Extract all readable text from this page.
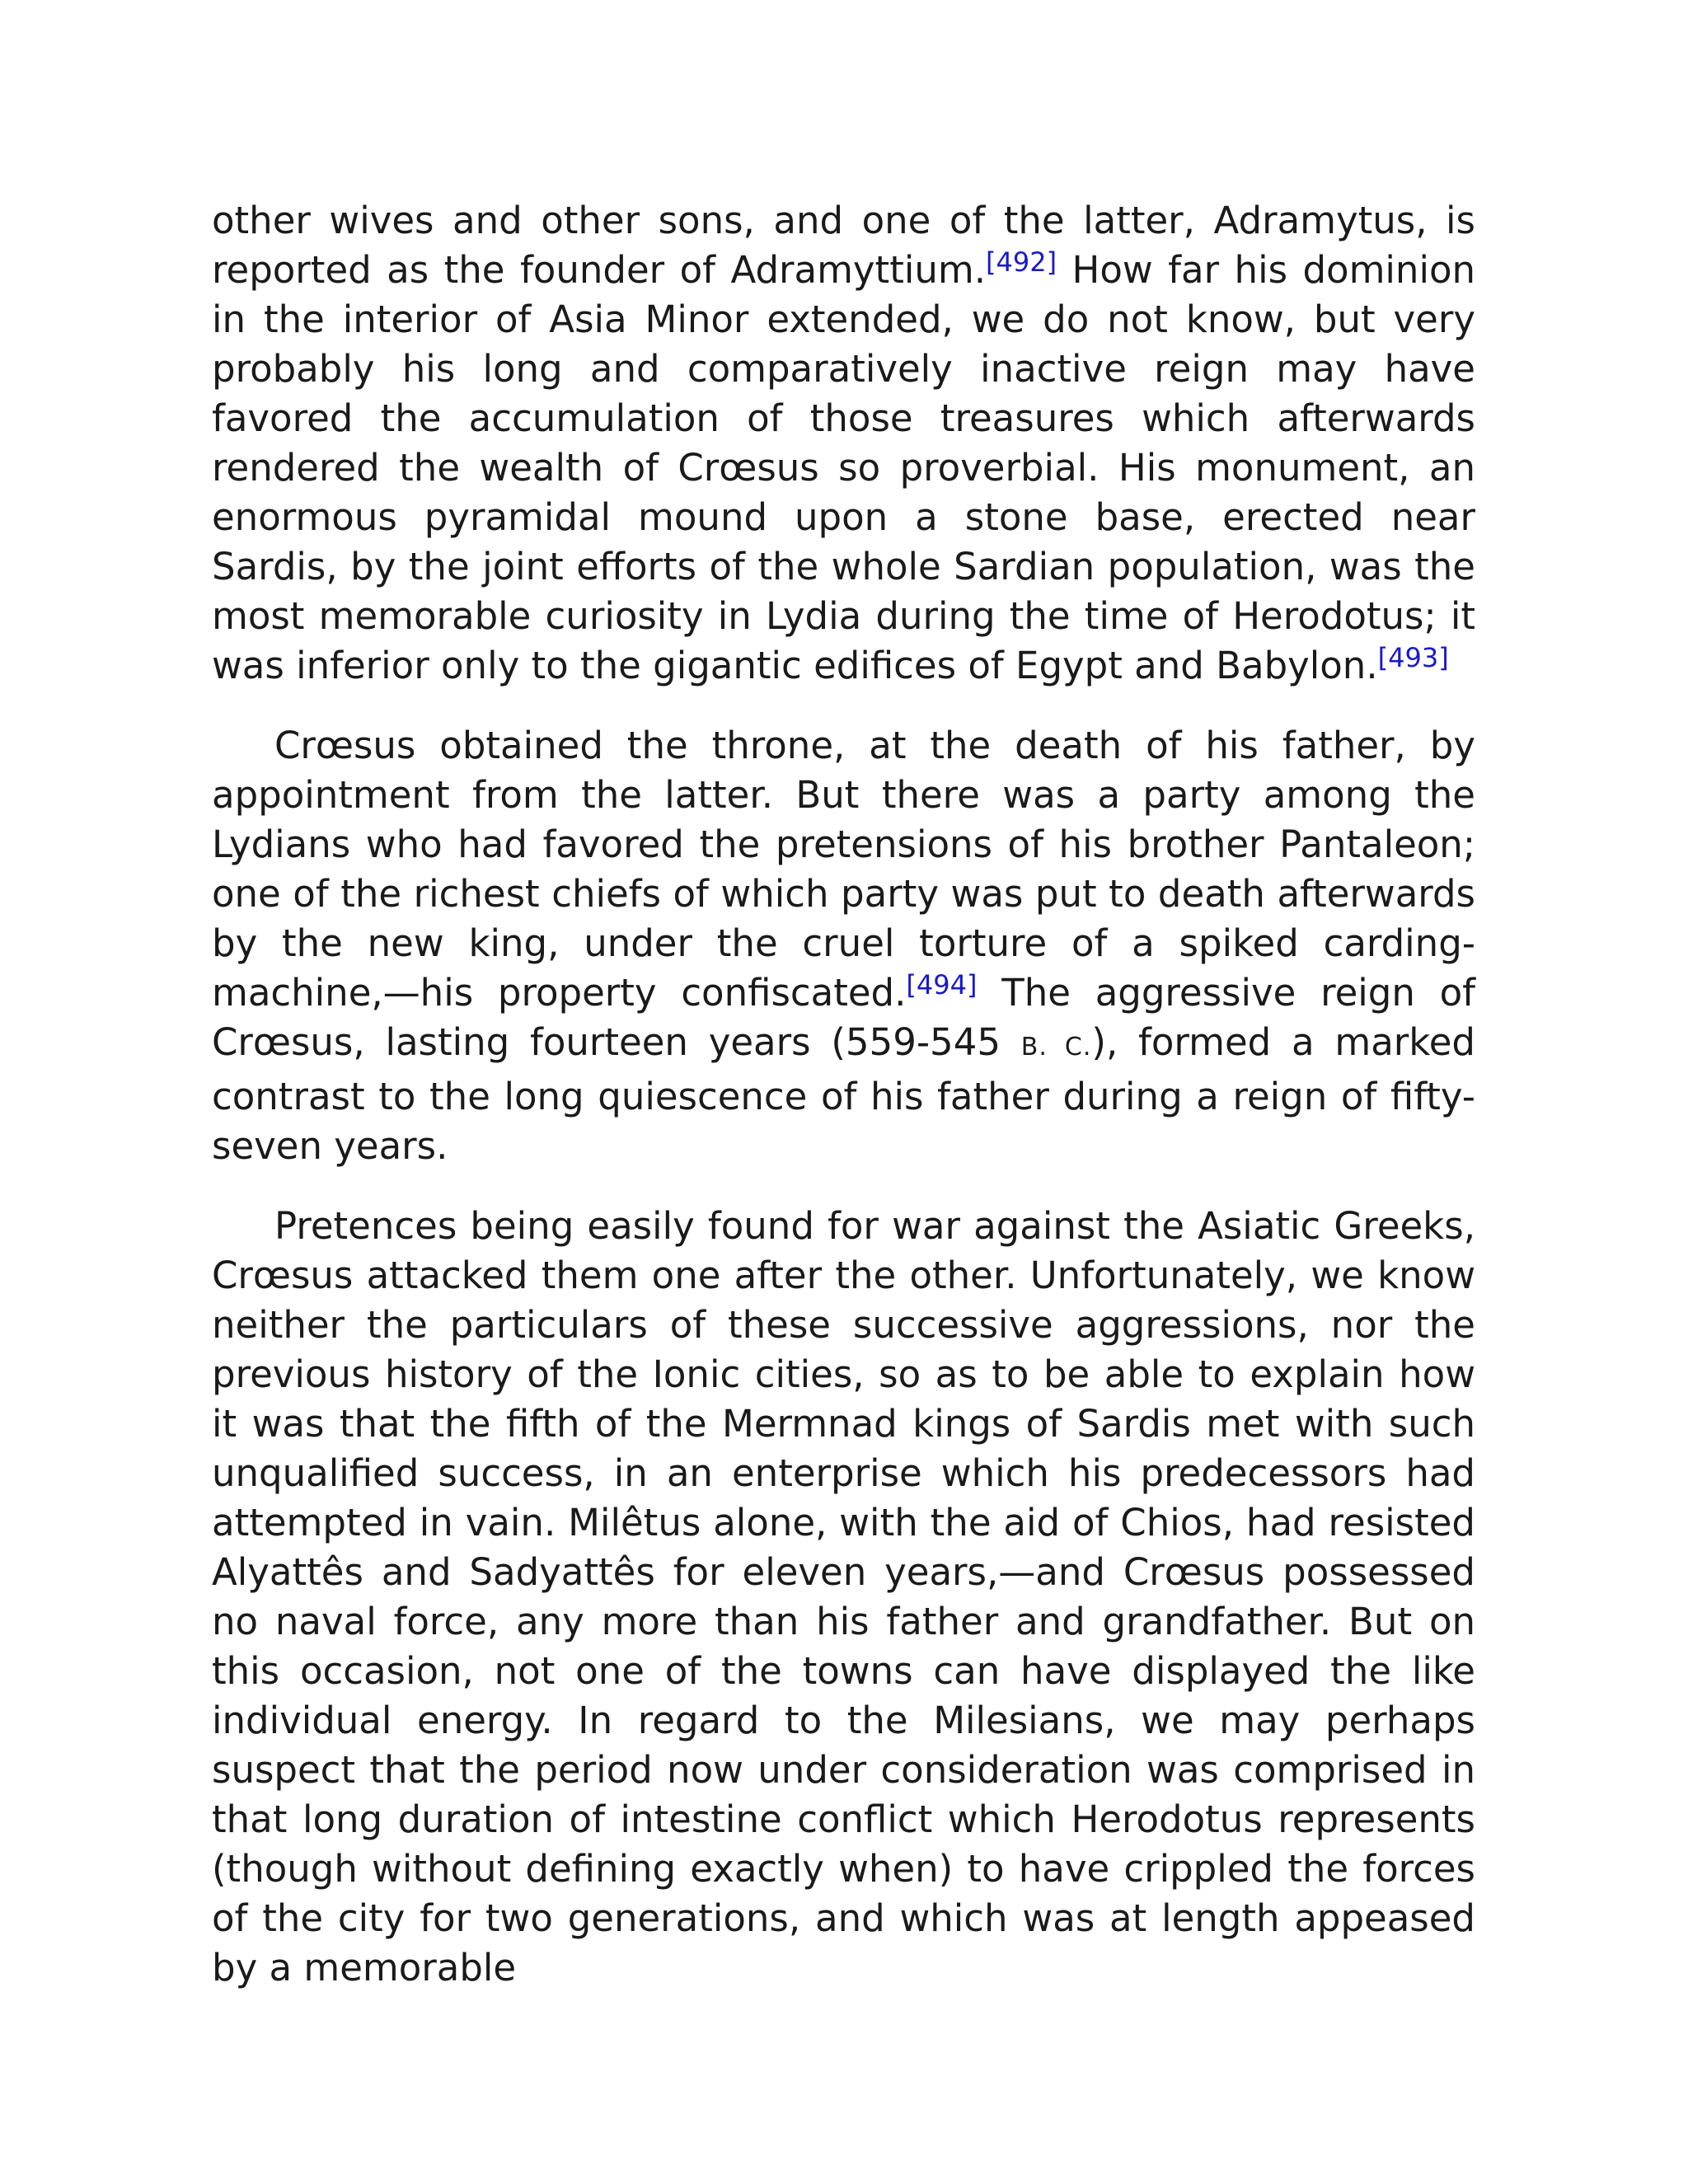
other wives and other sons, and one of the latter, Adramytus, is reported as the founder of Adramyttium.[492] How far his dominion in the interior of Asia Minor extended, we do not know, but very probably his long and comparatively inactive reign may have favored the accumulation of those treasures which afterwards rendered the wealth of Crœsus so proverbial. His monument, an enormous pyramidal mound upon a stone base, erected near Sardis, by the joint efforts of the whole Sardian population, was the most memorable curiosity in Lydia during the time of Herodotus; it was inferior only to the gigantic edifices of Egypt and Babylon.[493]

Crœsus obtained the throne, at the death of his father, by appointment from the latter. But there was a party among the Lydians who had favored the pretensions of his brother Pantaleon; one of the richest chiefs of which party was put to death afterwards by the new king, under the cruel torture of a spiked carding-machine,—his property confiscated.[494] The aggressive reign of Crœsus, lasting fourteen years (559-545 B. C.), formed a marked contrast to the long quiescence of his father during a reign of fifty-seven years.

Pretences being easily found for war against the Asiatic Greeks, Crœsus attacked them one after the other. Unfortunately, we know neither the particulars of these successive aggressions, nor the previous history of the Ionic cities, so as to be able to explain how it was that the fifth of the Mermnad kings of Sardis met with such unqualified success, in an enterprise which his predecessors had attempted in vain. Milêtus alone, with the aid of Chios, had resisted Alyattês and Sadyattês for eleven years,—and Crœsus possessed no naval force, any more than his father and grandfather. But on this occasion, not one of the towns can have displayed the like individual energy. In regard to the Milesians, we may perhaps suspect that the period now under consideration was comprised in that long duration of intestine conflict which Herodotus represents (though without defining exactly when) to have crippled the forces of the city for two generations, and which was at length appeased by a memorable
